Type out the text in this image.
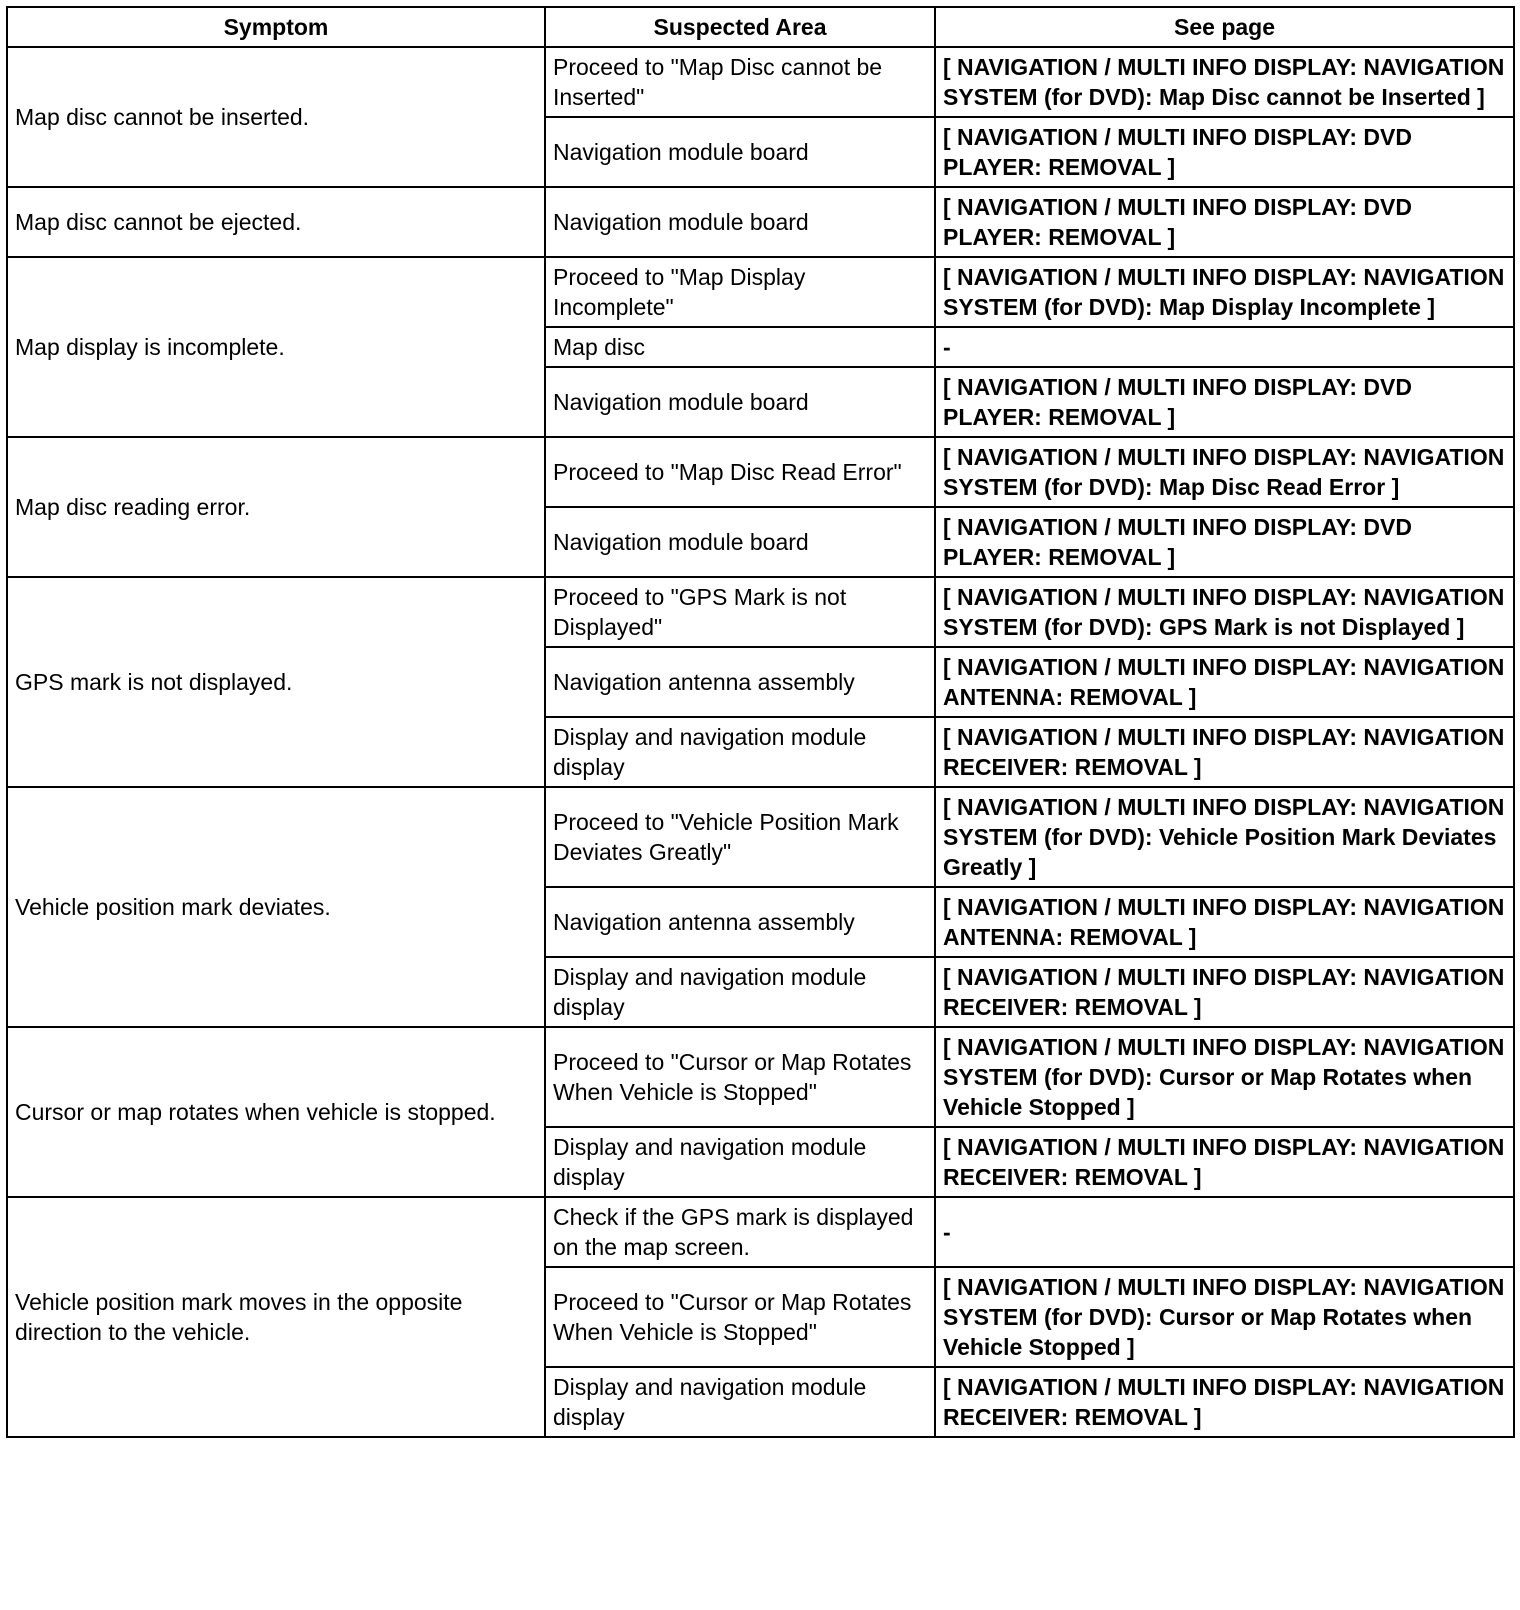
Symptom	Suspected Area	See page
Map disc cannot be inserted.	Proceed to "Map Disc cannot be Inserted"	[ NAVIGATION / MULTI INFO DISPLAY: NAVIGATION SYSTEM (for DVD): Map Disc cannot be Inserted ]
	Navigation module board	[ NAVIGATION / MULTI INFO DISPLAY: DVD PLAYER: REMOVAL ]
Map disc cannot be ejected.	Navigation module board	[ NAVIGATION / MULTI INFO DISPLAY: DVD PLAYER: REMOVAL ]
Map display is incomplete.	Proceed to "Map Display Incomplete"	[ NAVIGATION / MULTI INFO DISPLAY: NAVIGATION SYSTEM (for DVD): Map Display Incomplete ]
	Map disc	-
	Navigation module board	[ NAVIGATION / MULTI INFO DISPLAY: DVD PLAYER: REMOVAL ]
Map disc reading error.	Proceed to "Map Disc Read Error"	[ NAVIGATION / MULTI INFO DISPLAY: NAVIGATION SYSTEM (for DVD): Map Disc Read Error ]
	Navigation module board	[ NAVIGATION / MULTI INFO DISPLAY: DVD PLAYER: REMOVAL ]
GPS mark is not displayed.	Proceed to "GPS Mark is not Displayed"	[ NAVIGATION / MULTI INFO DISPLAY: NAVIGATION SYSTEM (for DVD): GPS Mark is not Displayed ]
	Navigation antenna assembly	[ NAVIGATION / MULTI INFO DISPLAY: NAVIGATION ANTENNA: REMOVAL ]
	Display and navigation module display	[ NAVIGATION / MULTI INFO DISPLAY: NAVIGATION RECEIVER: REMOVAL ]
Vehicle position mark deviates.	Proceed to "Vehicle Position Mark Deviates Greatly"	[ NAVIGATION / MULTI INFO DISPLAY: NAVIGATION SYSTEM (for DVD): Vehicle Position Mark Deviates Greatly ]
	Navigation antenna assembly	[ NAVIGATION / MULTI INFO DISPLAY: NAVIGATION ANTENNA: REMOVAL ]
	Display and navigation module display	[ NAVIGATION / MULTI INFO DISPLAY: NAVIGATION RECEIVER: REMOVAL ]
Cursor or map rotates when vehicle is stopped.	Proceed to "Cursor or Map Rotates When Vehicle is Stopped"	[ NAVIGATION / MULTI INFO DISPLAY: NAVIGATION SYSTEM (for DVD): Cursor or Map Rotates when Vehicle Stopped ]
	Display and navigation module display	[ NAVIGATION / MULTI INFO DISPLAY: NAVIGATION RECEIVER: REMOVAL ]
Vehicle position mark moves in the opposite direction to the vehicle.	Check if the GPS mark is displayed on the map screen.	-
	Proceed to "Cursor or Map Rotates When Vehicle is Stopped"	[ NAVIGATION / MULTI INFO DISPLAY: NAVIGATION SYSTEM (for DVD): Cursor or Map Rotates when Vehicle Stopped ]
	Display and navigation module display	[ NAVIGATION / MULTI INFO DISPLAY: NAVIGATION RECEIVER: REMOVAL ]
